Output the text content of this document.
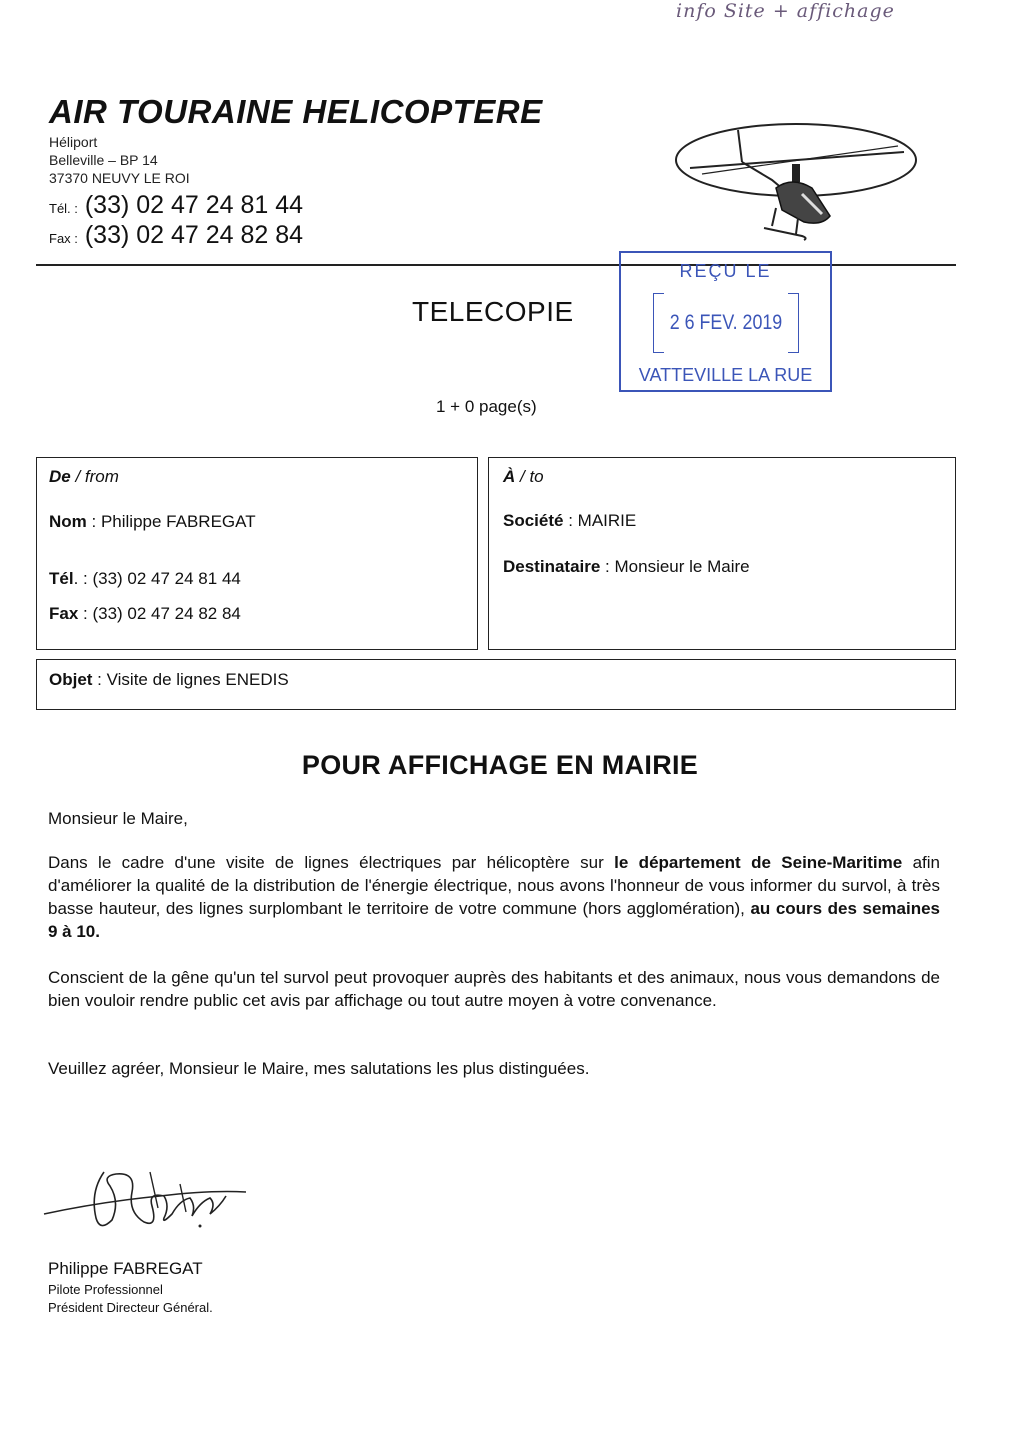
info Site + affichage
AIR TOURAINE HELICOPTERE
Héliport
Belleville – BP 14
37370 NEUVY LE ROI
Tél. : (33) 02 47 24 81 44
Fax : (33) 02 47 24 82 84
REÇU LE
2 6 FEV. 2019
VATTEVILLE LA RUE
TELECOPIE
1 + 0 page(s)
De / from
Nom : Philippe FABREGAT
Tél. : (33) 02 47 24 81 44
Fax : (33) 02 47 24 82 84
À / to
Société : MAIRIE
Destinataire : Monsieur le Maire
Objet : Visite de lignes ENEDIS
POUR AFFICHAGE EN MAIRIE
Monsieur le Maire,
Dans le cadre d'une visite de lignes électriques par hélicoptère sur le département de Seine-Maritime afin d'améliorer la qualité de la distribution de l'énergie électrique, nous avons l'honneur de vous informer du survol, à très basse hauteur, des lignes surplombant le territoire de votre commune (hors agglomération), au cours des semaines 9 à 10.
Conscient de la gêne qu'un tel survol peut provoquer auprès des habitants et des animaux, nous vous demandons de bien vouloir rendre public cet avis par affichage ou tout autre moyen à votre convenance.
Veuillez agréer, Monsieur le Maire, mes salutations les plus distinguées.
Philippe FABREGAT
Pilote Professionnel
Président Directeur Général.
